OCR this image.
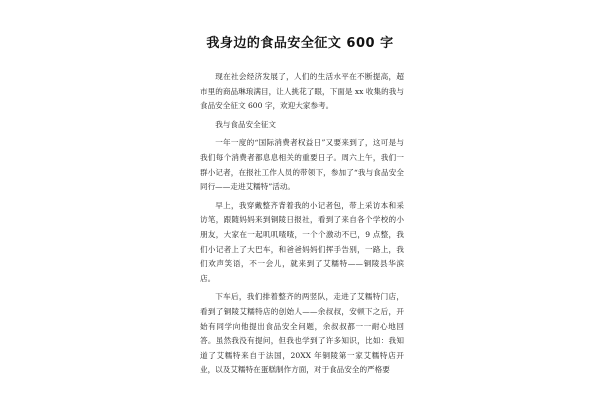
我身边的食品安全征文 600 字

现在社会经济发展了，人们的生活水平在不断提高，超市里的商品琳琅满目，让人挑花了眼，下面是 xx 收集的我与食品安全征文 600 字，欢迎大家参考。

我与食品安全征文

一年一度的“国际消费者权益日”又要来到了，这可是与我们每个消费者都息息相关的重要日子。周六上午，我们一群小记者，在报社工作人员的带领下，参加了“我与食品安全同行——走进艾糯特”活动。

早上，我穿戴整齐背着我的小记者包，带上采访本和采访笔，跟随妈妈来到铜陵日报社，看到了来自各个学校的小朋友，大家在一起叽叽喳喳，一个个激动不已，9 点整，我们小记者上了大巴车，和爸爸妈妈们挥手告别，一路上，我们欢声笑语，不一会儿，就来到了艾糯特——铜陵县华滨店。

下车后，我们排着整齐的两竖队，走进了艾糯特门店，看到了铜陵艾糯特店的创始人——余叔叔，安顿下之后，开始有同学向他提出食品安全问题，余叔叔都一一耐心地回答。虽然我没有提问，但我也学到了许多知识，比如：我知道了艾糯特来自于法国，20XX 年铜陵第一家艾糯特店开业，以及艾糯特在蛋糕制作方面，对于食品安全的严格要
